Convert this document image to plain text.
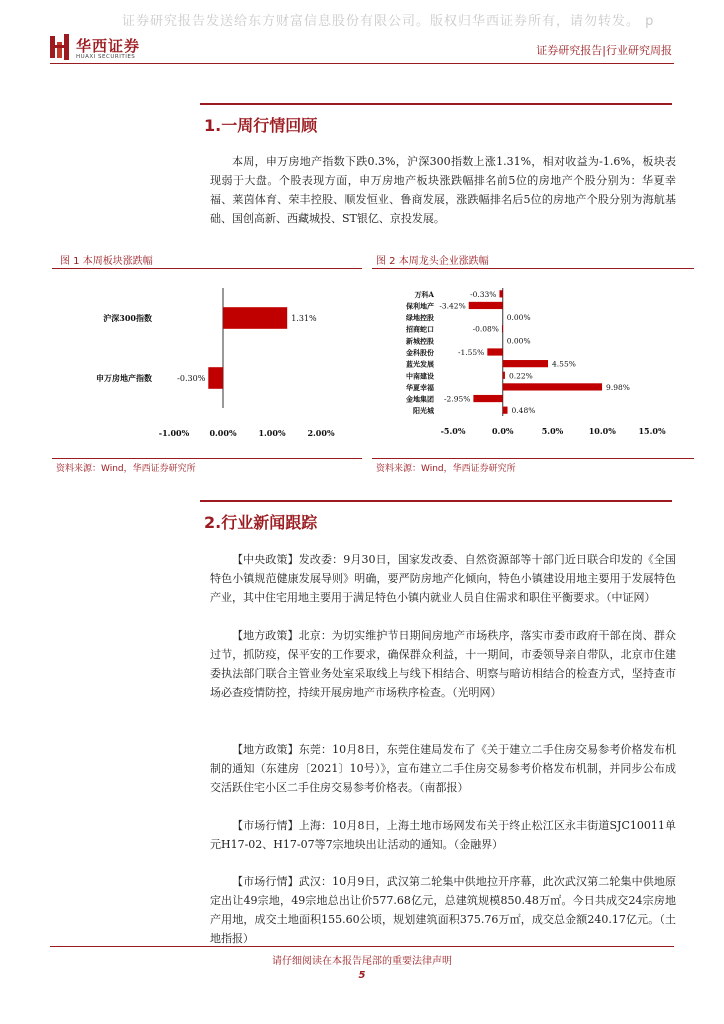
证券研究报告发送给东方财富信息股份有限公司。版权归华西证券所有，请勿转发。 p
华西证券
HUAXI SECURITIES	证券研究报告|行业研究周报
1.一周行情回顾
本周，申万房地产指数下跌0.3%，沪深300指数上涨1.31%，相对收益为-1.6%，板块表现弱于大盘。个股表现方面，申万房地产板块涨跌幅排名前5位的房地产个股分别为：华夏幸福、莱茵体育、荣丰控股、顺发恒业、鲁商发展，涨跌幅排名后5位的房地产个股分别为海航基础、国创高新、西藏城投、ST银亿、京投发展。
图 1 本周板块涨跌幅	图 2 本周龙头企业涨跌幅
沪深300指数	1.31%
申万房地产指数	-0.30%
-1.00%	0.00%	1.00%	2.00%
万科A	-0.33%
保利地产 -3.42%
绿地控股	0.00%
招商蛇口	-0.08%
新城控股	0.00%
金科股份	-1.55%
蓝光发展	4.55%
中南建设	0.22%
华夏幸福	9.98%
金地集团 -2.95%
阳光城	0.48%
-5.0%	0.0%	5.0%	10.0%	15.0%
资料来源：Wind，华西证券研究所	资料来源：Wind，华西证券研究所
2.行业新闻跟踪
【中央政策】发改委：9月30日，国家发改委、自然资源部等十部门近日联合印发的《全国特色小镇规范健康发展导则》明确，要严防房地产化倾向，特色小镇建设用地主要用于发展特色产业，其中住宅用地主要用于满足特色小镇内就业人员自住需求和职住平衡要求。（中证网）
【地方政策】北京：为切实维护节日期间房地产市场秩序，落实市委市政府干部在岗、群众过节，抓防疫，保平安的工作要求，确保群众利益，十一期间，市委领导亲自带队，北京市住建委执法部门联合主管业务处室采取线上与线下相结合、明察与暗访相结合的检查方式，坚持查市场必查疫情防控，持续开展房地产市场秩序检查。（光明网）
【地方政策】东莞：10月8日，东莞住建局发布了《关于建立二手住房交易参考价格发布机制的通知（东建房〔2021〕10号）》，宣布建立二手住房交易参考价格发布机制，并同步公布成交活跃住宅小区二手住房交易参考价格表。（南都报）
【市场行情】上海：10月8日，上海土地市场网发布关于终止松江区永丰街道SJC10011单元H17-02、H17-07等7宗地块出让活动的通知。（金融界）
【市场行情】武汉：10月9日，武汉第二轮集中供地拉开序幕，此次武汉第二轮集中供地原定出让49宗地，49宗地总出让价577.68亿元，总建筑规模850.48万㎡。今日共成交24宗房地产用地，成交土地面积155.60公顷，规划建筑面积375.76万㎡，成交总金额240.17亿元。（土地指报）
请仔细阅读在本报告尾部的重要法律声明
5
